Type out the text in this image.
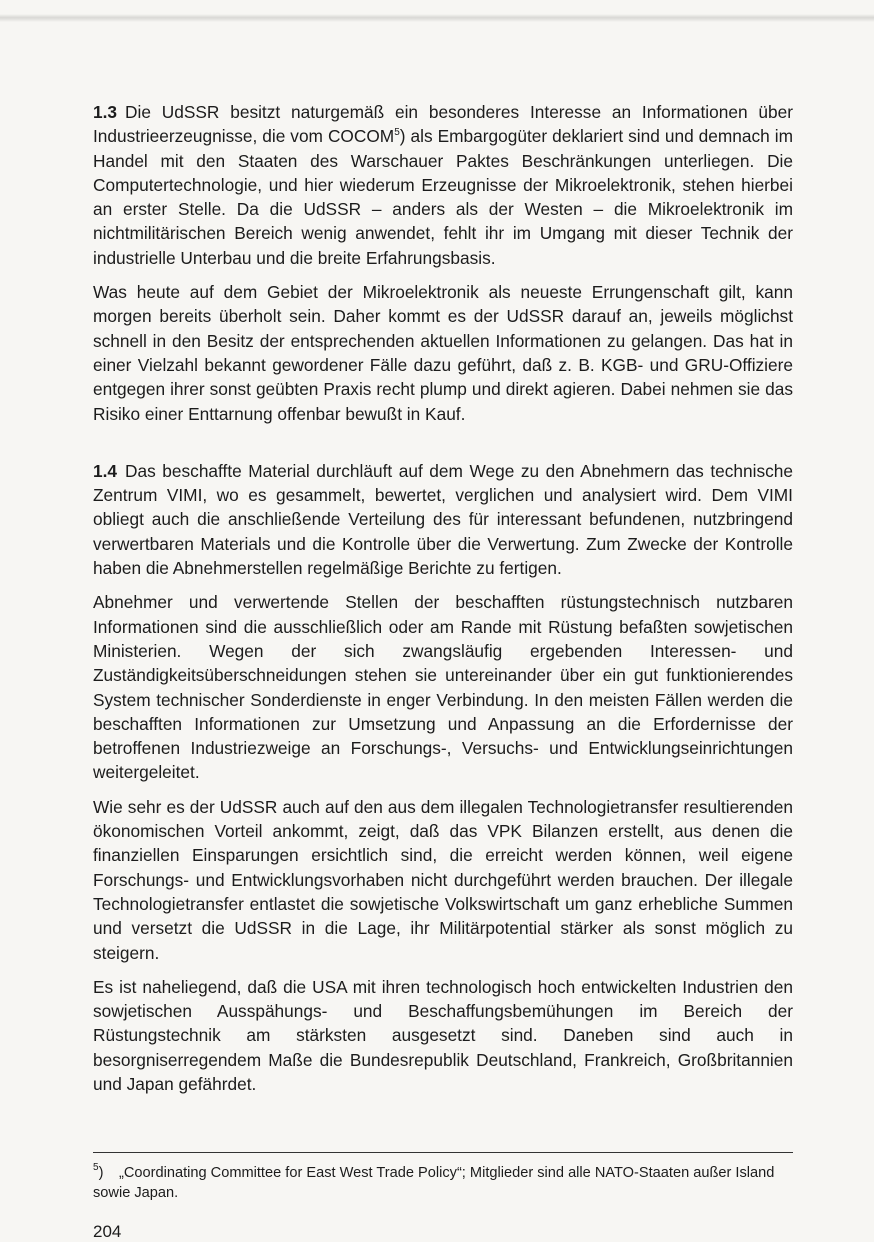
1.3 Die UdSSR besitzt naturgemäß ein besonderes Interesse an Informationen über Industrieerzeugnisse, die vom COCOM$^5$) als Embargogüter deklariert sind und demnach im Handel mit den Staaten des Warschauer Paktes Beschränkungen unterliegen. Die Computertechnologie, und hier wiederum Erzeugnisse der Mikroelektronik, stehen hierbei an erster Stelle. Da die UdSSR – anders als der Westen – die Mikroelektronik im nichtmilitärischen Bereich wenig anwendet, fehlt ihr im Umgang mit dieser Technik der industrielle Unterbau und die breite Erfahrungsbasis.

Was heute auf dem Gebiet der Mikroelektronik als neueste Errungenschaft gilt, kann morgen bereits überholt sein. Daher kommt es der UdSSR darauf an, jeweils möglichst schnell in den Besitz der entsprechenden aktuellen Informationen zu gelangen. Das hat in einer Vielzahl bekannt gewordener Fälle dazu geführt, daß z. B. KGB- und GRU-Offiziere entgegen ihrer sonst geübten Praxis recht plump und direkt agieren. Dabei nehmen sie das Risiko einer Enttarnung offenbar bewußt in Kauf.

1.4 Das beschaffte Material durchläuft auf dem Wege zu den Abnehmern das technische Zentrum VIMI, wo es gesammelt, bewertet, verglichen und analysiert wird. Dem VIMI obliegt auch die anschließende Verteilung des für interessant befundenen, nutzbringend verwertbaren Materials und die Kontrolle über die Verwertung. Zum Zwecke der Kontrolle haben die Abnehmerstellen regelmäßige Berichte zu fertigen.

Abnehmer und verwertende Stellen der beschafften rüstungstechnisch nutzbaren Informationen sind die ausschließlich oder am Rande mit Rüstung befaßten sowjetischen Ministerien. Wegen der sich zwangsläufig ergebenden Interessen- und Zuständigkeitsüberschneidungen stehen sie untereinander über ein gut funktionierendes System technischer Sonderdienste in enger Verbindung. In den meisten Fällen werden die beschafften Informationen zur Umsetzung und Anpassung an die Erfordernisse der betroffenen Industriezweige an Forschungs-, Versuchs- und Entwicklungseinrichtungen weitergeleitet.

Wie sehr es der UdSSR auch auf den aus dem illegalen Technologietransfer resultierenden ökonomischen Vorteil ankommt, zeigt, daß das VPK Bilanzen erstellt, aus denen die finanziellen Einsparungen ersichtlich sind, die erreicht werden können, weil eigene Forschungs- und Entwicklungsvorhaben nicht durchgeführt werden brauchen. Der illegale Technologietransfer entlastet die sowjetische Volkswirtschaft um ganz erhebliche Summen und versetzt die UdSSR in die Lage, ihr Militärpotential stärker als sonst möglich zu steigern.

Es ist naheliegend, daß die USA mit ihren technologisch hoch entwickelten Industrien den sowjetischen Ausspähungs- und Beschaffungsbemühungen im Bereich der Rüstungstechnik am stärksten ausgesetzt sind. Daneben sind auch in besorgniserregendem Maße die Bundesrepublik Deutschland, Frankreich, Großbritannien und Japan gefährdet.

$^5$) „Coordinating Committee for East West Trade Policy“; Mitglieder sind alle NATO-Staaten außer Island sowie Japan.
204
